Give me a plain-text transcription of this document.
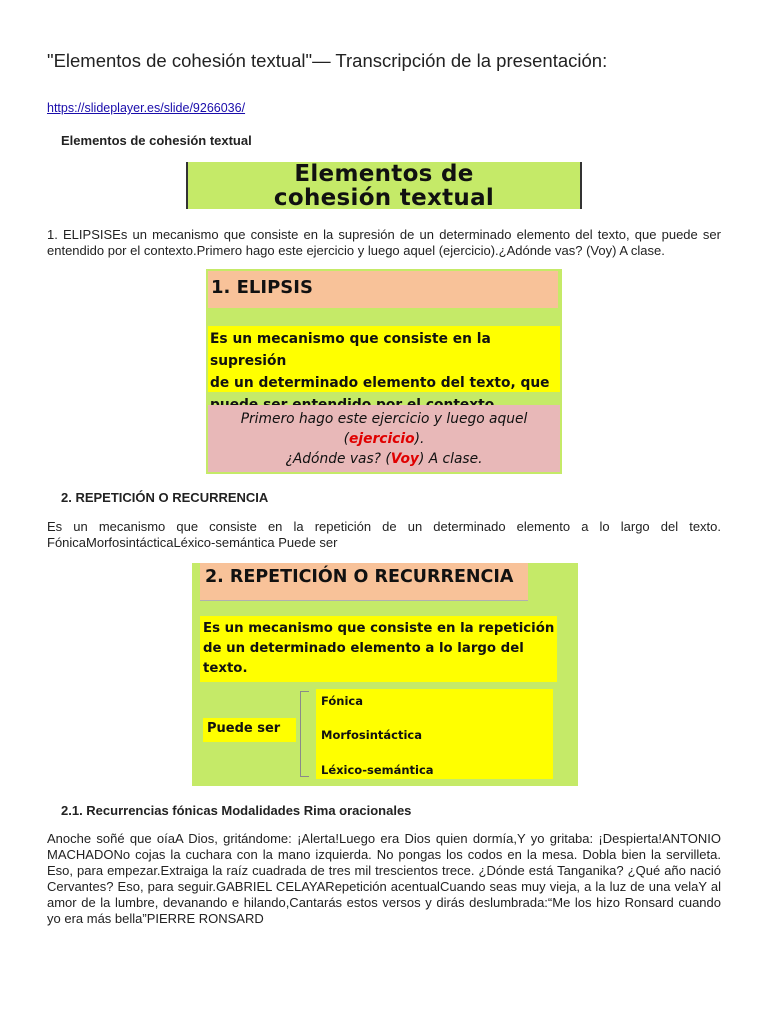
"Elementos de cohesión textual"— Transcripción de la presentación:
https://slideplayer.es/slide/9266036/
Elementos de cohesión textual
Elementos de
cohesión textual
1. ELIPSISEs un mecanismo que consiste en la supresión de un determinado elemento del texto, que puede ser entendido por el contexto.Primero hago este ejercicio y luego aquel (ejercicio).¿Adónde vas? (Voy) A clase.
1. ELIPSIS
Es un mecanismo que consiste en la supresión
de un determinado elemento del texto, que

Primero hago este ejercicio y luego aquel
(ejercicio).
¿Adónde vas? (Voy) A clase.
2. REPETICIÓN O RECURRENCIA
Es un mecanismo que consiste en la repetición de un determinado elemento a lo largo del texto. FónicaMorfosintácticaLéxico-semántica Puede ser
2. REPETICIÓN O RECURRENCIA
Es un mecanismo que consiste en la repetición
de un determinado elemento a lo largo del
texto.
Puede ser
Fónica
Morfosintáctica
Léxico-semántica
2.1. Recurrencias fónicas Modalidades Rima oracionales
Anoche soñé que oíaA Dios, gritándome: ¡Alerta!Luego era Dios quien dormía,Y yo gritaba: ¡Despierta!ANTONIO MACHADONo cojas la cuchara con la mano izquierda. No pongas los codos en la mesa. Dobla bien la servilleta. Eso, para empezar.Extraiga la raíz cuadrada de tres mil trescientos trece. ¿Dónde está Tanganika? ¿Qué año nació Cervantes? Eso, para seguir.GABRIEL CELAYARepetición acentualCuando seas muy vieja, a la luz de una velaY al amor de la lumbre, devanando e hilando,Cantarás estos versos y dirás deslumbrada:“Me los hizo Ronsard cuando yo era más bella”PIERRE RONSARD
